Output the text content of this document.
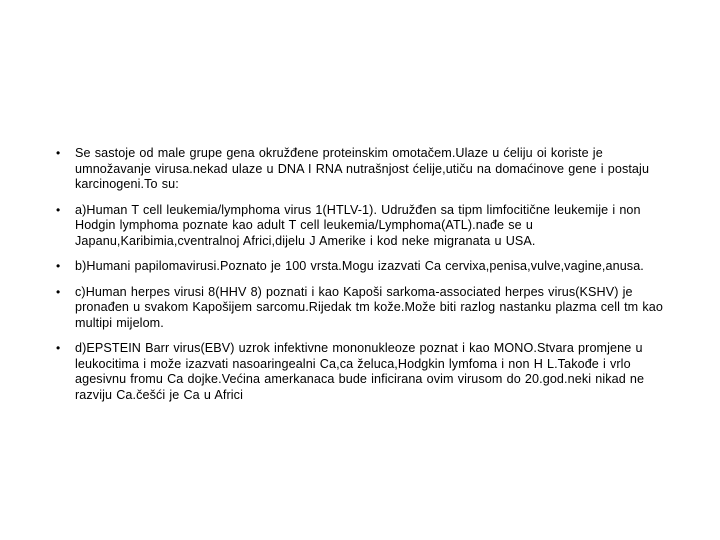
• Se sastoje od male grupe gena okružđene proteinskim omotačem.Ulaze u ćeliju oi koriste je umnožavanje virusa.nekad ulaze u DNA I RNA nutrašnjost ćelije,utiču na domaćinove gene i postaju karcinogeni.To su:
• a)Human T cell leukemia/lymphoma virus 1(HTLV-1). Udružđen sa tipm limfocitične leukemije i non Hodgin lymphoma poznate kao adult T cell leukemia/Lymphoma(ATL).nađe se u Japanu,Karibimia,cventralnoj Africi,dijelu J Amerike i kod neke migranata u USA.
• b)Humani papilomavirusi.Poznato je 100 vrsta.Mogu izazvati Ca cervixa,penisa,vulve,vagine,anusa.
• c)Human herpes virusi 8(HHV 8) poznati i kao Kapoši sarkoma-associated herpes virus(KSHV) je pronađen u svakom Kapošijem sarcomu.Rijedak tm kože.Može biti razlog nastanku plazma cell tm kao multipi mijelom.
• d)EPSTEIN Barr virus(EBV) uzrok infektivne mononukleoze poznat i kao MONO.Stvara promjene u leukocitima i može izazvati nasoaringealni Ca,ca želuca,Hodgkin lymfoma i non H L.Takođe i vrlo agesivnu fromu Ca dojke.Većina amerkanaca bude inficirana ovim virusom do 20.god.neki nikad ne razviju Ca.češći je Ca u Africi
